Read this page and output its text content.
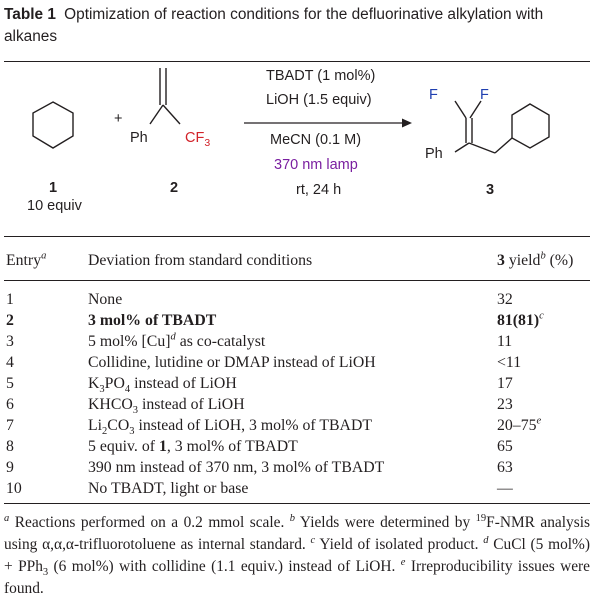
Table 1 Optimization of reaction conditions for the defluorinative alkylation with alkanes
+
Ph	$CF_3$
1
10 equiv
2
TBADT (1 mol%)
LiOH (1.5 equiv)
MeCN (0.1 M)
370 nm lamp
rt, 24 h
F	F
Ph
3
Entry$^a$	Deviation from standard conditions	3 yield$^b$ (%)
1	None	32
2	3 mol% of TBADT	$81(81)^c$
3	5 mol% $[Cu]^d$ as co-catalyst	11
4	Collidine, lutidine or DMAP instead of LiOH	<11
5	$K_3PO_4$ instead of LiOH	17
6	$KHCO_3$ instead of LiOH	23
7	$Li_2CO_3$ instead of LiOH, 3 mol% of TBADT	20–75e
8	5 equiv. of 1, 3 mol% of TBADT	65
9	390 nm instead of 370 nm, 3 mol% of TBADT	63
10	No TBADT, light or base	—
$^a$ Reactions performed on a 0.2 mmol scale. $^b$ Yields were determined by $^{19}$F-NMR analysis using α,α,α-trifluorotoluene as internal standard. $^c$ Yield of isolated product. $^d$ CuCl (5 mol%) + PPh$_3$ (6 mol%) with collidine (1.1 equiv.) instead of LiOH. $^e$ Irreproducibility issues were found.
